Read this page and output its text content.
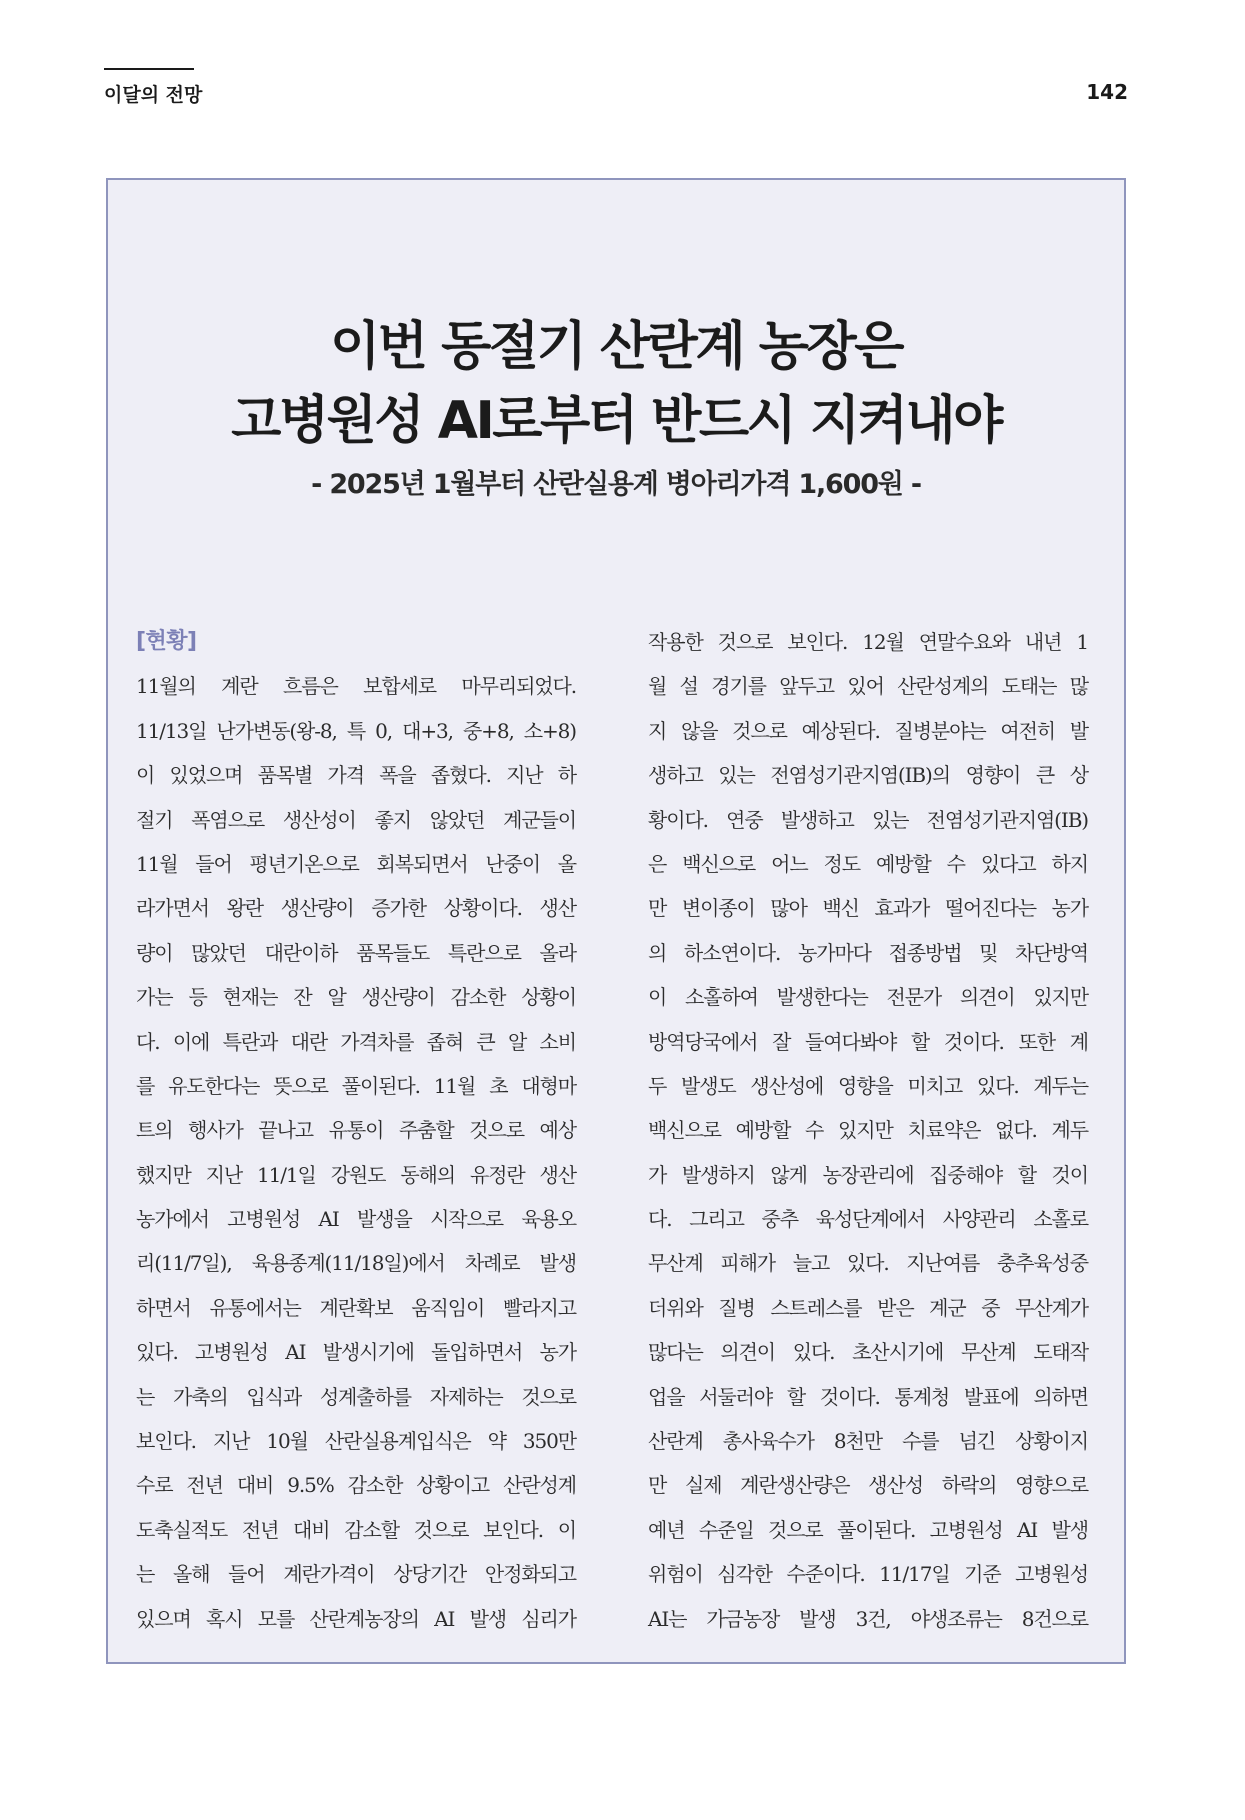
이달의 전망	142
이번 동절기 산란계 농장은
고병원성 AI로부터 반드시 지켜내야
- 2025년 1월부터 산란실용계 병아리가격 1,600원 -
[현황]
11월의 계란 흐름은 보합세로 마무리되었다.
11/13일 난가변동(왕-8, 특 0, 대+3, 중+8, 소+8)
이 있었으며 품목별 가격 폭을 좁혔다. 지난 하
절기 폭염으로 생산성이 좋지 않았던 계군들이
11월 들어 평년기온으로 회복되면서 난중이 올
라가면서 왕란 생산량이 증가한 상황이다. 생산
량이 많았던 대란이하 품목들도 특란으로 올라
가는 등 현재는 잔 알 생산량이 감소한 상황이
다. 이에 특란과 대란 가격차를 좁혀 큰 알 소비
를 유도한다는 뜻으로 풀이된다. 11월 초 대형마
트의 행사가 끝나고 유통이 주춤할 것으로 예상
했지만 지난 11/1일 강원도 동해의 유정란 생산
농가에서 고병원성 AI 발생을 시작으로 육용오
리(11/7일), 육용종계(11/18일)에서 차례로 발생
하면서 유통에서는 계란확보 움직임이 빨라지고
있다. 고병원성 AI 발생시기에 돌입하면서 농가
는 가축의 입식과 성계출하를 자제하는 것으로
보인다. 지난 10월 산란실용계입식은 약 350만
수로 전년 대비 9.5% 감소한 상황이고 산란성계
도축실적도 전년 대비 감소할 것으로 보인다. 이
는 올해 들어 계란가격이 상당기간 안정화되고
있으며 혹시 모를 산란계농장의 AI 발생 심리가
작용한 것으로 보인다. 12월 연말수요와 내년 1
월 설 경기를 앞두고 있어 산란성계의 도태는 많
지 않을 것으로 예상된다. 질병분야는 여전히 발
생하고 있는 전염성기관지염(IB)의 영향이 큰 상
황이다. 연중 발생하고 있는 전염성기관지염(IB)
은 백신으로 어느 정도 예방할 수 있다고 하지
만 변이종이 많아 백신 효과가 떨어진다는 농가
의 하소연이다. 농가마다 접종방법 및 차단방역
이 소홀하여 발생한다는 전문가 의견이 있지만
방역당국에서 잘 들여다봐야 할 것이다. 또한 계
두 발생도 생산성에 영향을 미치고 있다. 계두는
백신으로 예방할 수 있지만 치료약은 없다. 계두
가 발생하지 않게 농장관리에 집중해야 할 것이
다. 그리고 중추 육성단계에서 사양관리 소홀로
무산계 피해가 늘고 있다. 지난여름 충추육성중
더위와 질병 스트레스를 받은 계군 중 무산계가
많다는 의견이 있다. 초산시기에 무산계 도태작
업을 서둘러야 할 것이다. 통계청 발표에 의하면
산란계 총사육수가 8천만 수를 넘긴 상황이지
만 실제 계란생산량은 생산성 하락의 영향으로
예년 수준일 것으로 풀이된다. 고병원성 AI 발생
위험이 심각한 수준이다. 11/17일 기준 고병원성
AI는 가금농장 발생 3건, 야생조류는 8건으로
